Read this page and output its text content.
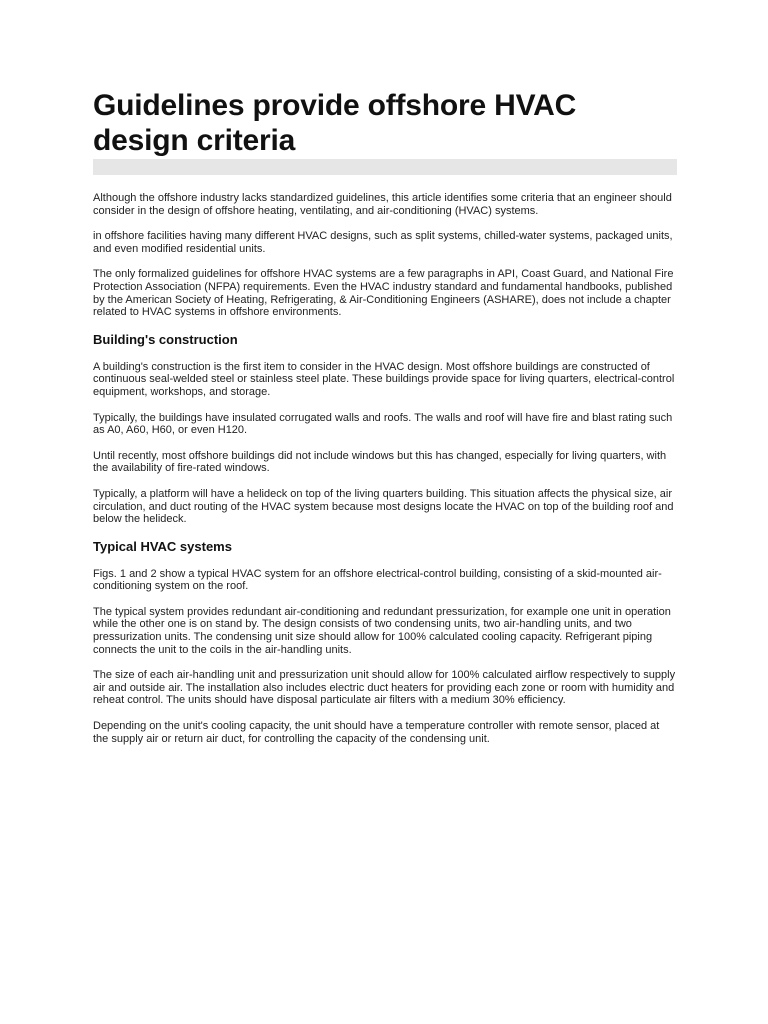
Guidelines provide offshore HVAC design criteria

Although the offshore industry lacks standardized guidelines, this article identifies some criteria that an engineer should consider in the design of offshore heating, ventilating, and air-conditioning (HVAC) systems.

in offshore facilities having many different HVAC designs, such as split systems, chilled-water systems, packaged units, and even modified residential units.

The only formalized guidelines for offshore HVAC systems are a few paragraphs in API, Coast Guard, and National Fire Protection Association (NFPA) requirements. Even the HVAC industry standard and fundamental handbooks, published by the American Society of Heating, Refrigerating, & Air-Conditioning Engineers (ASHARE), does not include a chapter related to HVAC systems in offshore environments.

Building's construction

A building's construction is the first item to consider in the HVAC design. Most offshore buildings are constructed of continuous seal-welded steel or stainless steel plate. These buildings provide space for living quarters, electrical-control equipment, workshops, and storage.

Typically, the buildings have insulated corrugated walls and roofs. The walls and roof will have fire and blast rating such as A0, A60, H60, or even H120.

Until recently, most offshore buildings did not include windows but this has changed, especially for living quarters, with the availability of fire-rated windows.

Typically, a platform will have a helideck on top of the living quarters building. This situation affects the physical size, air circulation, and duct routing of the HVAC system because most designs locate the HVAC on top of the building roof and below the helideck.

Typical HVAC systems

Figs. 1 and 2 show a typical HVAC system for an offshore electrical-control building, consisting of a skid-mounted air-conditioning system on the roof.

The typical system provides redundant air-conditioning and redundant pressurization, for example one unit in operation while the other one is on stand by. The design consists of two condensing units, two air-handling units, and two pressurization units. The condensing unit size should allow for 100% calculated cooling capacity. Refrigerant piping connects the unit to the coils in the air-handling units.

The size of each air-handling unit and pressurization unit should allow for 100% calculated airflow respectively to supply air and outside air. The installation also includes electric duct heaters for providing each zone or room with humidity and reheat control. The units should have disposal particulate air filters with a medium 30% efficiency.

Depending on the unit's cooling capacity, the unit should have a temperature controller with remote sensor, placed at the supply air or return air duct, for controlling the capacity of the condensing unit.
